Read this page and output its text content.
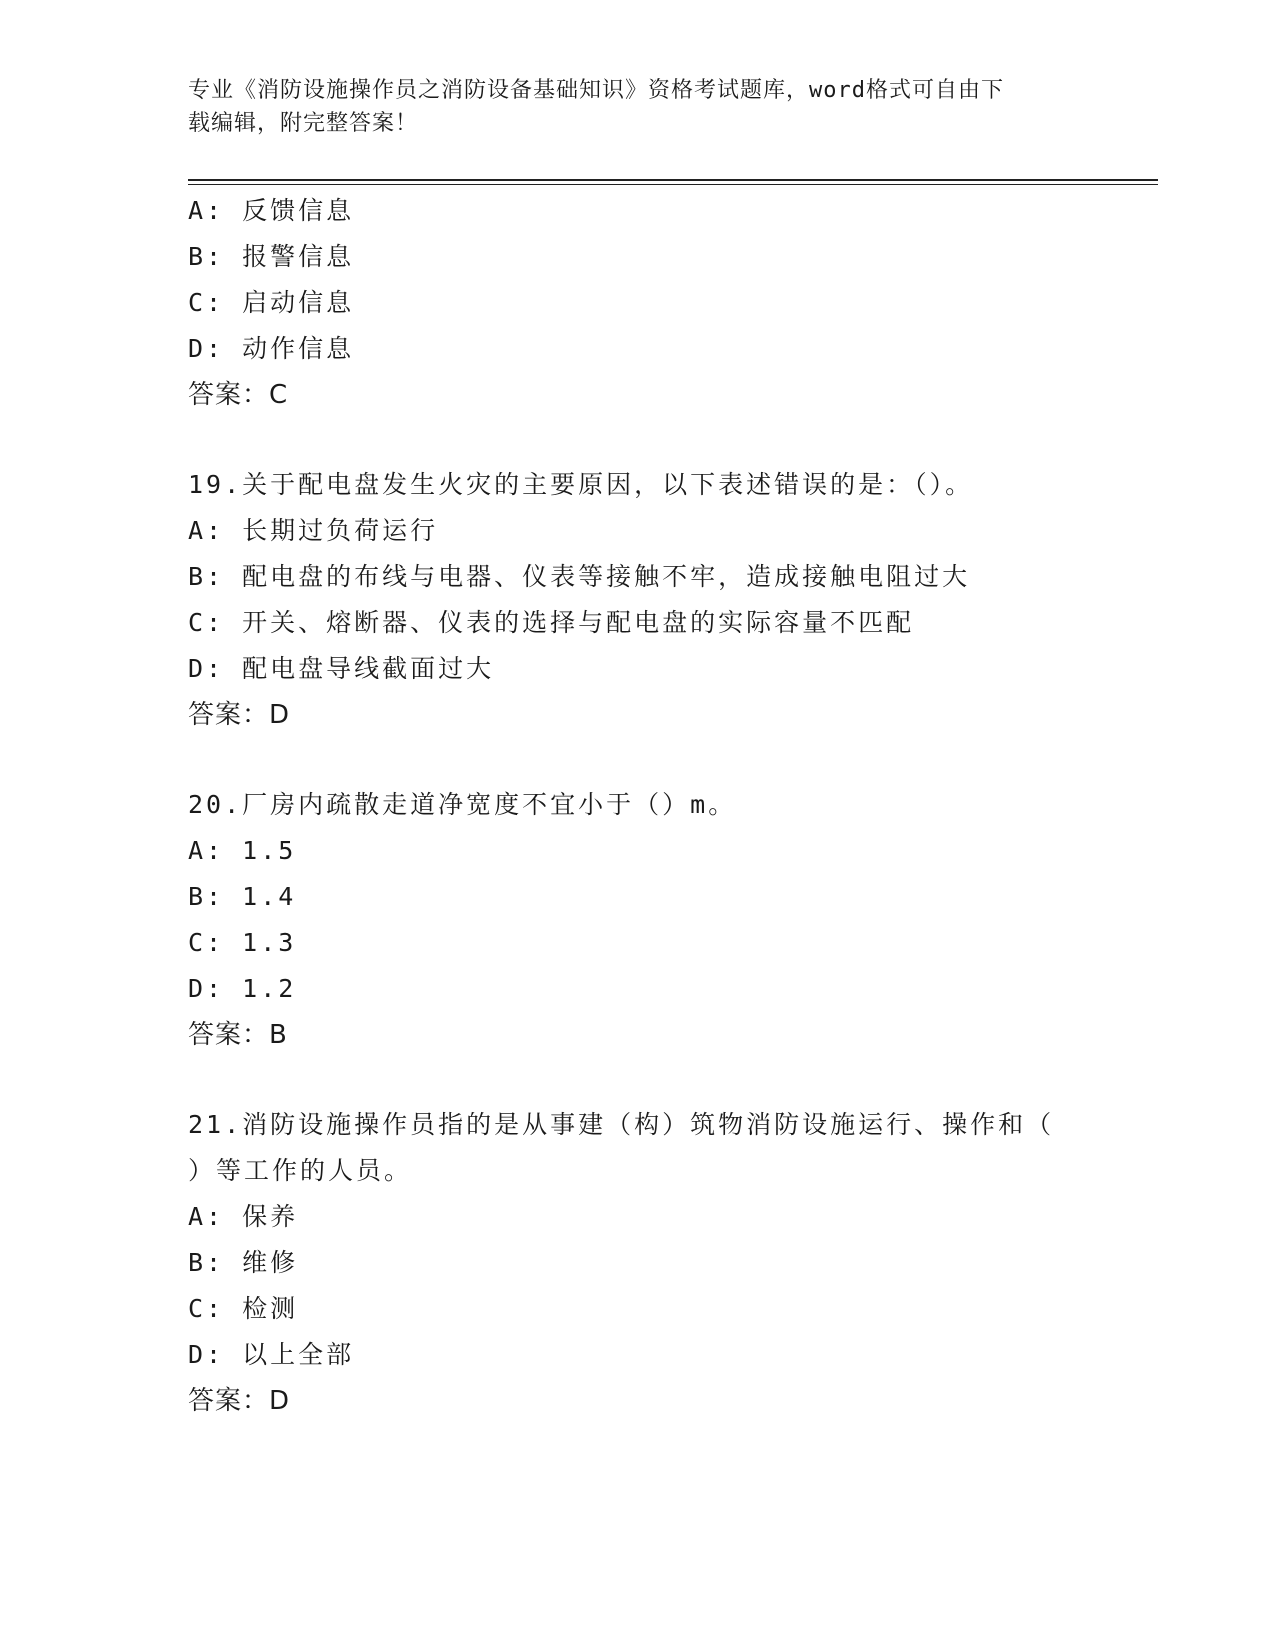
专业《消防设施操作员之消防设备基础知识》资格考试题库，word格式可自由下
载编辑，附完整答案！
A: 反馈信息
B: 报警信息
C: 启动信息
D: 动作信息
答案：C
19.关于配电盘发生火灾的主要原因，以下表述错误的是：（）。
A: 长期过负荷运行
B: 配电盘的布线与电器、仪表等接触不牢，造成接触电阻过大
C: 开关、熔断器、仪表的选择与配电盘的实际容量不匹配
D: 配电盘导线截面过大
答案：D
20.厂房内疏散走道净宽度不宜小于（）m。
A: 1.5
B: 1.4
C: 1.3
D: 1.2
答案：B
21.消防设施操作员指的是从事建（构）筑物消防设施运行、操作和（
）等工作的人员。
A: 保养
B: 维修
C: 检测
D: 以上全部
答案：D
